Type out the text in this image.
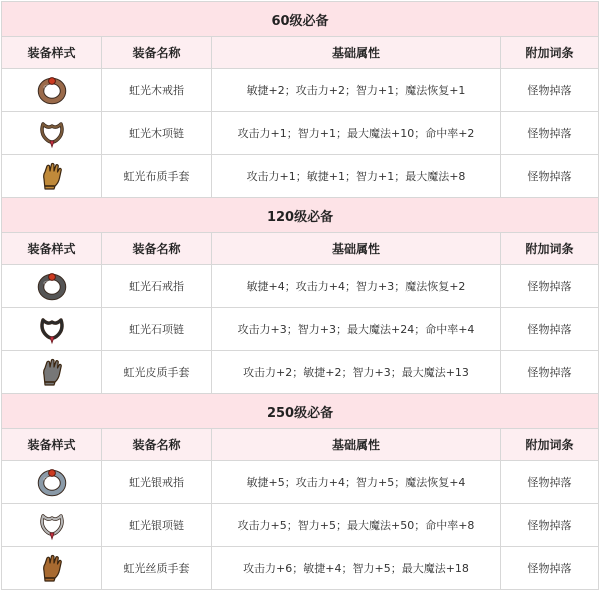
60级必备			
装备样式	装备名称	基础属性	附加词条

	虹光木戒指	敏捷+2；攻击力+2；智力+1；魔法恢复+1	怪物掉落

	虹光木项链	攻击力+1；智力+1；最大魔法+10；命中率+2	怪物掉落

	虹光布质手套	攻击力+1；敏捷+1；智力+1；最大魔法+8	怪物掉落
120级必备			
装备样式	装备名称	基础属性	附加词条

	虹光石戒指	敏捷+4；攻击力+4；智力+3；魔法恢复+2	怪物掉落

	虹光石项链	攻击力+3；智力+3；最大魔法+24；命中率+4	怪物掉落

	虹光皮质手套	攻击力+2；敏捷+2；智力+3；最大魔法+13	怪物掉落
250级必备			
装备样式	装备名称	基础属性	附加词条

	虹光银戒指	敏捷+5；攻击力+4；智力+5；魔法恢复+4	怪物掉落

	虹光银项链	攻击力+5；智力+5；最大魔法+50；命中率+8	怪物掉落

	虹光丝质手套	攻击力+6；敏捷+4；智力+5；最大魔法+18	怪物掉落
